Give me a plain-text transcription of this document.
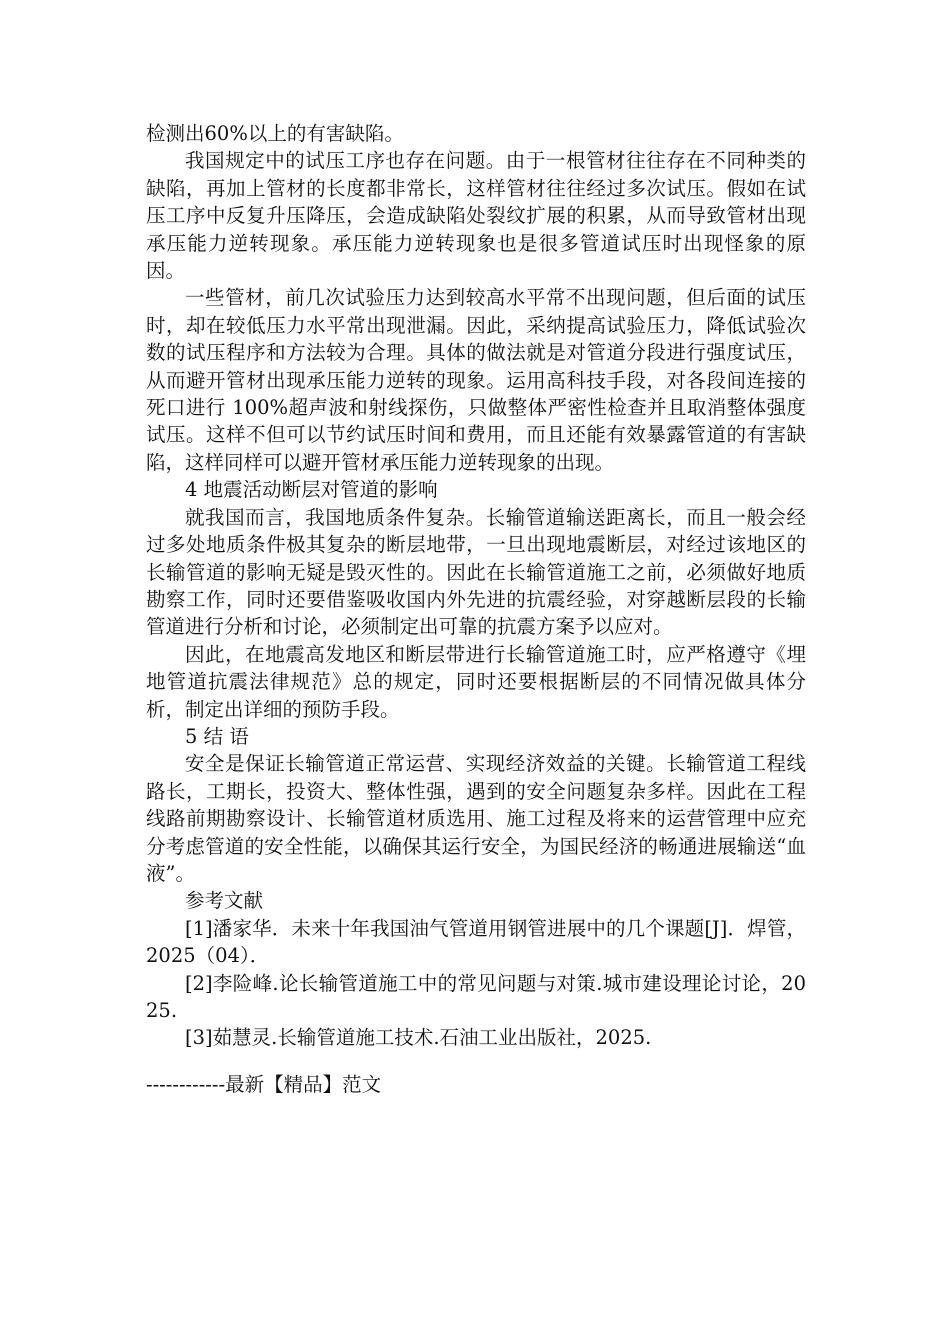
检测出60%以上的有害缺陷。

我国规定中的试压工序也存在问题。由于一根管材往往存在不同种类的缺陷，再加上管材的长度都非常长，这样管材往往经过多次试压。假如在试压工序中反复升压降压，会造成缺陷处裂纹扩展的积累，从而导致管材出现承压能力逆转现象。承压能力逆转现象也是很多管道试压时出现怪象的原因。

一些管材，前几次试验压力达到较高水平常不出现问题，但后面的试压时，却在较低压力水平常出现泄漏。因此，采纳提高试验压力，降低试验次数的试压程序和方法较为合理。具体的做法就是对管道分段进行强度试压，从而避开管材出现承压能力逆转的现象。运用高科技手段，对各段间连接的死口进行 100%超声波和射线探伤，只做整体严密性检查并且取消整体强度试压。这样不但可以节约试压时间和费用，而且还能有效暴露管道的有害缺陷，这样同样可以避开管材承压能力逆转现象的出现。

4 地震活动断层对管道的影响

就我国而言，我国地质条件复杂。长输管道输送距离长，而且一般会经过多处地质条件极其复杂的断层地带，一旦出现地震断层，对经过该地区的长输管道的影响无疑是毁灭性的。因此在长输管道施工之前，必须做好地质勘察工作，同时还要借鉴吸收国内外先进的抗震经验，对穿越断层段的长输管道进行分析和讨论，必须制定出可靠的抗震方案予以应对。

因此，在地震高发地区和断层带进行长输管道施工时，应严格遵守《埋地管道抗震法律规范》总的规定，同时还要根据断层的不同情况做具体分析，制定出详细的预防手段。

5 结 语

安全是保证长输管道正常运营、实现经济效益的关键。长输管道工程线路长，工期长，投资大、整体性强，遇到的安全问题复杂多样。因此在工程线路前期勘察设计、长输管道材质选用、施工过程及将来的运营管理中应充分考虑管道的安全性能，以确保其运行安全，为国民经济的畅通进展输送“血液”。

参考文献

[1]潘家华．未来十年我国油气管道用钢管进展中的几个课题[J]．焊管，2025（04）．

[2]李险峰.论长输管道施工中的常见问题与对策.城市建设理论讨论，2025.

[3]茹慧灵.长输管道施工技术.石油工业出版社，2025.

------------最新【精品】范文
